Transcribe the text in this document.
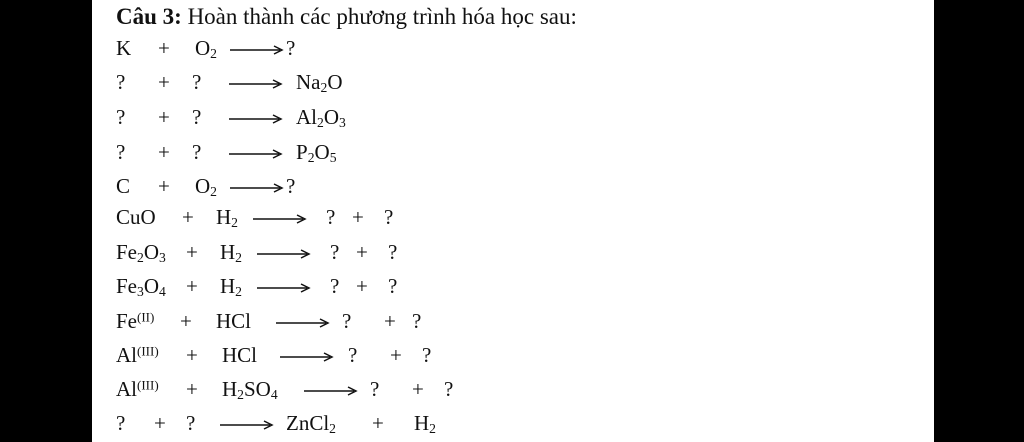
Câu 3: Hoàn thành các phương trình hóa học sau:
$K + O_2$ → ?
? + ? → $Na_2O$
? + ? → $Al_2O_3$
? + ? → $P_2O_5$
$C + O_2$ → ?
CuO + $H_2$ → ? + ?
$Fe_2O_3 + H_2$ → ? + ?
$Fe_3O_4 + H_2$ → ? + ?
$Fe^{(II)}$ + HCl → ? + ?
$Al^{(III)}$ + HCl → ? + ?
$Al^{(III)} + H_2SO_4$ → ? + ?
? + ? → ZnCl$_2$ + $H_2$
